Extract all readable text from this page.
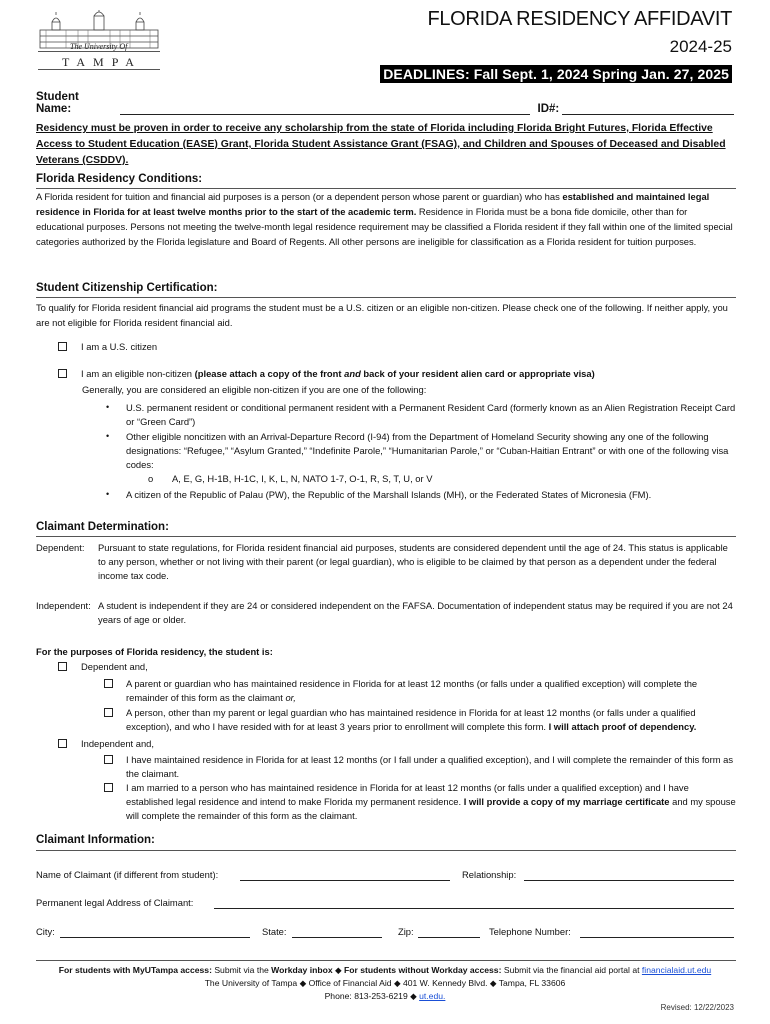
The University Of
TAMPA
FLORIDA RESIDENCY AFFIDAVIT
2024-25
DEADLINES: Fall Sept. 1, 2024 Spring Jan. 27, 2025
Student Name:	ID#:
Residency must be proven in order to receive any scholarship from the state of Florida including Florida Bright Futures, Florida Effective Access to Student Education (EASE) Grant, Florida Student Assistance Grant (FSAG), and Children and Spouses of Deceased and Disabled Veterans (CSDDV).
Florida Residency Conditions:
A Florida resident for tuition and financial aid purposes is a person (or a dependent person whose parent or guardian) who has established and maintained legal residence in Florida for at least twelve months prior to the start of the academic term. Residence in Florida must be a bona fide domicile, other than for educational purposes. Persons not meeting the twelve-month legal residence requirement may be classified a Florida resident if they fall within one of the limited special categories authorized by the Florida legislature and Board of Regents. All other persons are ineligible for classification as a Florida resident for tuition purposes.
Student Citizenship Certification:
To qualify for Florida resident financial aid programs the student must be a U.S. citizen or an eligible non-citizen. Please check one of the following. If neither apply, you are not eligible for Florida resident financial aid.
I am a U.S. citizen
I am an eligible non-citizen (please attach a copy of the front and back of your resident alien card or appropriate visa)
Generally, you are considered an eligible non-citizen if you are one of the following:
• U.S. permanent resident or conditional permanent resident with a Permanent Resident Card (formerly known as an Alien Registration Receipt Card or “Green Card”)
• Other eligible noncitizen with an Arrival-Departure Record (I-94) from the Department of Homeland Security showing any one of the following designations: “Refugee,” “Asylum Granted,” “Indefinite Parole,” “Humanitarian Parole,” or “Cuban-Haitian Entrant” or with one of the following visa codes:
o A, E, G, H-1B, H-1C, I, K, L, N, NATO 1-7, O-1, R, S, T, U, or V
• A citizen of the Republic of Palau (PW), the Republic of the Marshall Islands (MH), or the Federated States of Micronesia (FM).
Claimant Determination:
Dependent: Pursuant to state regulations, for Florida resident financial aid purposes, students are considered dependent until the age of 24. This status is applicable to any person, whether or not living with their parent (or legal guardian), who is eligible to be claimed by that person as a dependent under the federal income tax code.
Independent: A student is independent if they are 24 or considered independent on the FAFSA. Documentation of independent status may be required if you are not 24 years of age or older.
For the purposes of Florida residency, the student is:
Dependent and,
A parent or guardian who has maintained residence in Florida for at least 12 months (or falls under a qualified exception) will complete the remainder of this form as the claimant or,
A person, other than my parent or legal guardian who has maintained residence in Florida for at least 12 months (or falls under a qualified exception), and who I have resided with for at least 3 years prior to enrollment will complete this form. I will attach proof of dependency.
Independent and,
I have maintained residence in Florida for at least 12 months (or I fall under a qualified exception), and I will complete the remainder of this form as the claimant.
I am married to a person who has maintained residence in Florida for at least 12 months (or falls under a qualified exception) and I have established legal residence and intend to make Florida my permanent residence. I will provide a copy of my marriage certificate and my spouse will complete the remainder of this form as the claimant.
Claimant Information:
Name of Claimant (if different from student):	Relationship:
Permanent legal Address of Claimant:
City:	State:	Zip:	Telephone Number:
For students with MyUTampa access: Submit via the Workday inbox ◆ For students without Workday access: Submit via the financial aid portal at financialaid.ut.edu
The University of Tampa ◆ Office of Financial Aid ◆ 401 W. Kennedy Blvd. ◆ Tampa, FL 33606
Phone: 813-253-6219 ◆ ut.edu.
Revised: 12/22/2023
